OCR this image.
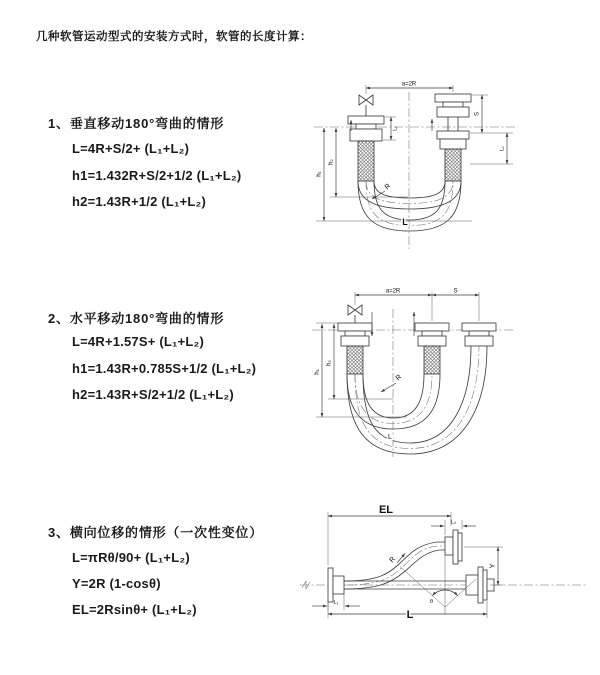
几种软管运动型式的安装方式时，软管的长度计算：
1、垂直移动180°弯曲的情形
L=4R+S/2+ (L₁+L₂)
h1=1.432R+S/2+1/2 (L₁+L₂)
h2=1.43R+1/2 (L₁+L₂)
a=2R
L₁
S
L₂
R
h₁
h₂
L
2、水平移动180°弯曲的情形
L=4R+1.57S+ (L₁+L₂)
h1=1.43R+0.785S+1/2 (L₁+L₂)
h2=1.43R+S/2+1/2 (L₁+L₂)
a=2R	S
R
h₁
h₂
L
3、横向位移的情形（一次性变位）
L=πRθ/90+ (L₁+L₂)
Y=2R (1-cosθ)
EL=2Rsinθ+ (L₁+L₂)
EL
L₂
Y
θ
R
L₁
L
